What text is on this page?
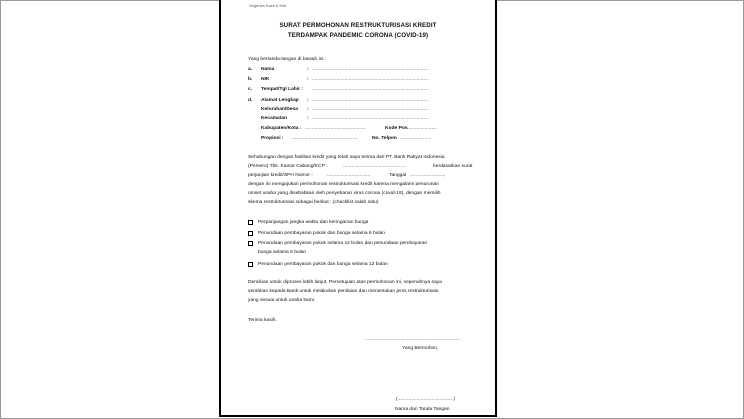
Segenes Kacil & Kiet
SURAT PERMOHONAN RESTRUKTURISASI KREDIT
TERDAMPAK PANDEMIC CORONA (COVID-19)
Yang bertanda-tangan di bawah ini :
a. Nama	: ......................................................................................
b. NIK	: ......................................................................................
c. Tempat/Tgl Lahir : ......................................................................................
d. Alamat Lengkap : ......................................................................................
Kelurahan/Desa : ......................................................................................
Kecamatan	: ......................................................................................
Kabupaten/Kota : .............................................	Kode Pos ......................
Propinsi : .................................................	No. Telpon .......................
Sehubungan dengan fasilitas kredit yang telah saya terima dari PT. Bank Rakyat Indonesia
(Persero) Tbk. Kantor Cabang/KCP :	...............................................	berdasarkan surat
perjanjian kredit/SPH Nomor :	................................	Tanggal .........................,
dengan ini mengajukan permohonan restrukturisasi kredit karena mengalami penurunan
omset usaha yang disebabkan oleh penyebaran virus corona (covid-19), dengan memilih
skema restrukturisasi sebagai berikut ; (checklist salah satu)
Perpanjangan jangka waktu dan keringanan bunga
Penundaan pembayaran pokok dan bunga selama 6 bulan
Penundaan pembayaran pokok selama 12 bulan dan penundaan pembayaran
bunga selama 6 bulan
Penundaan pembayaran pokok dan bunga selama 12 bulan
Demikian untuk diproses lebih lanjut. Persetujuan atas permohonan ini, sepenuhnya saya
serahkan kepada Bank untuk melakukan penilaian dan menentukan jenis restrukturisasi
yang sesuai untuk usaha kami.
Terima kasih.
......................................................................
Yang Bermohon,
(.........................................)
Nama dan Tanda Tangan
